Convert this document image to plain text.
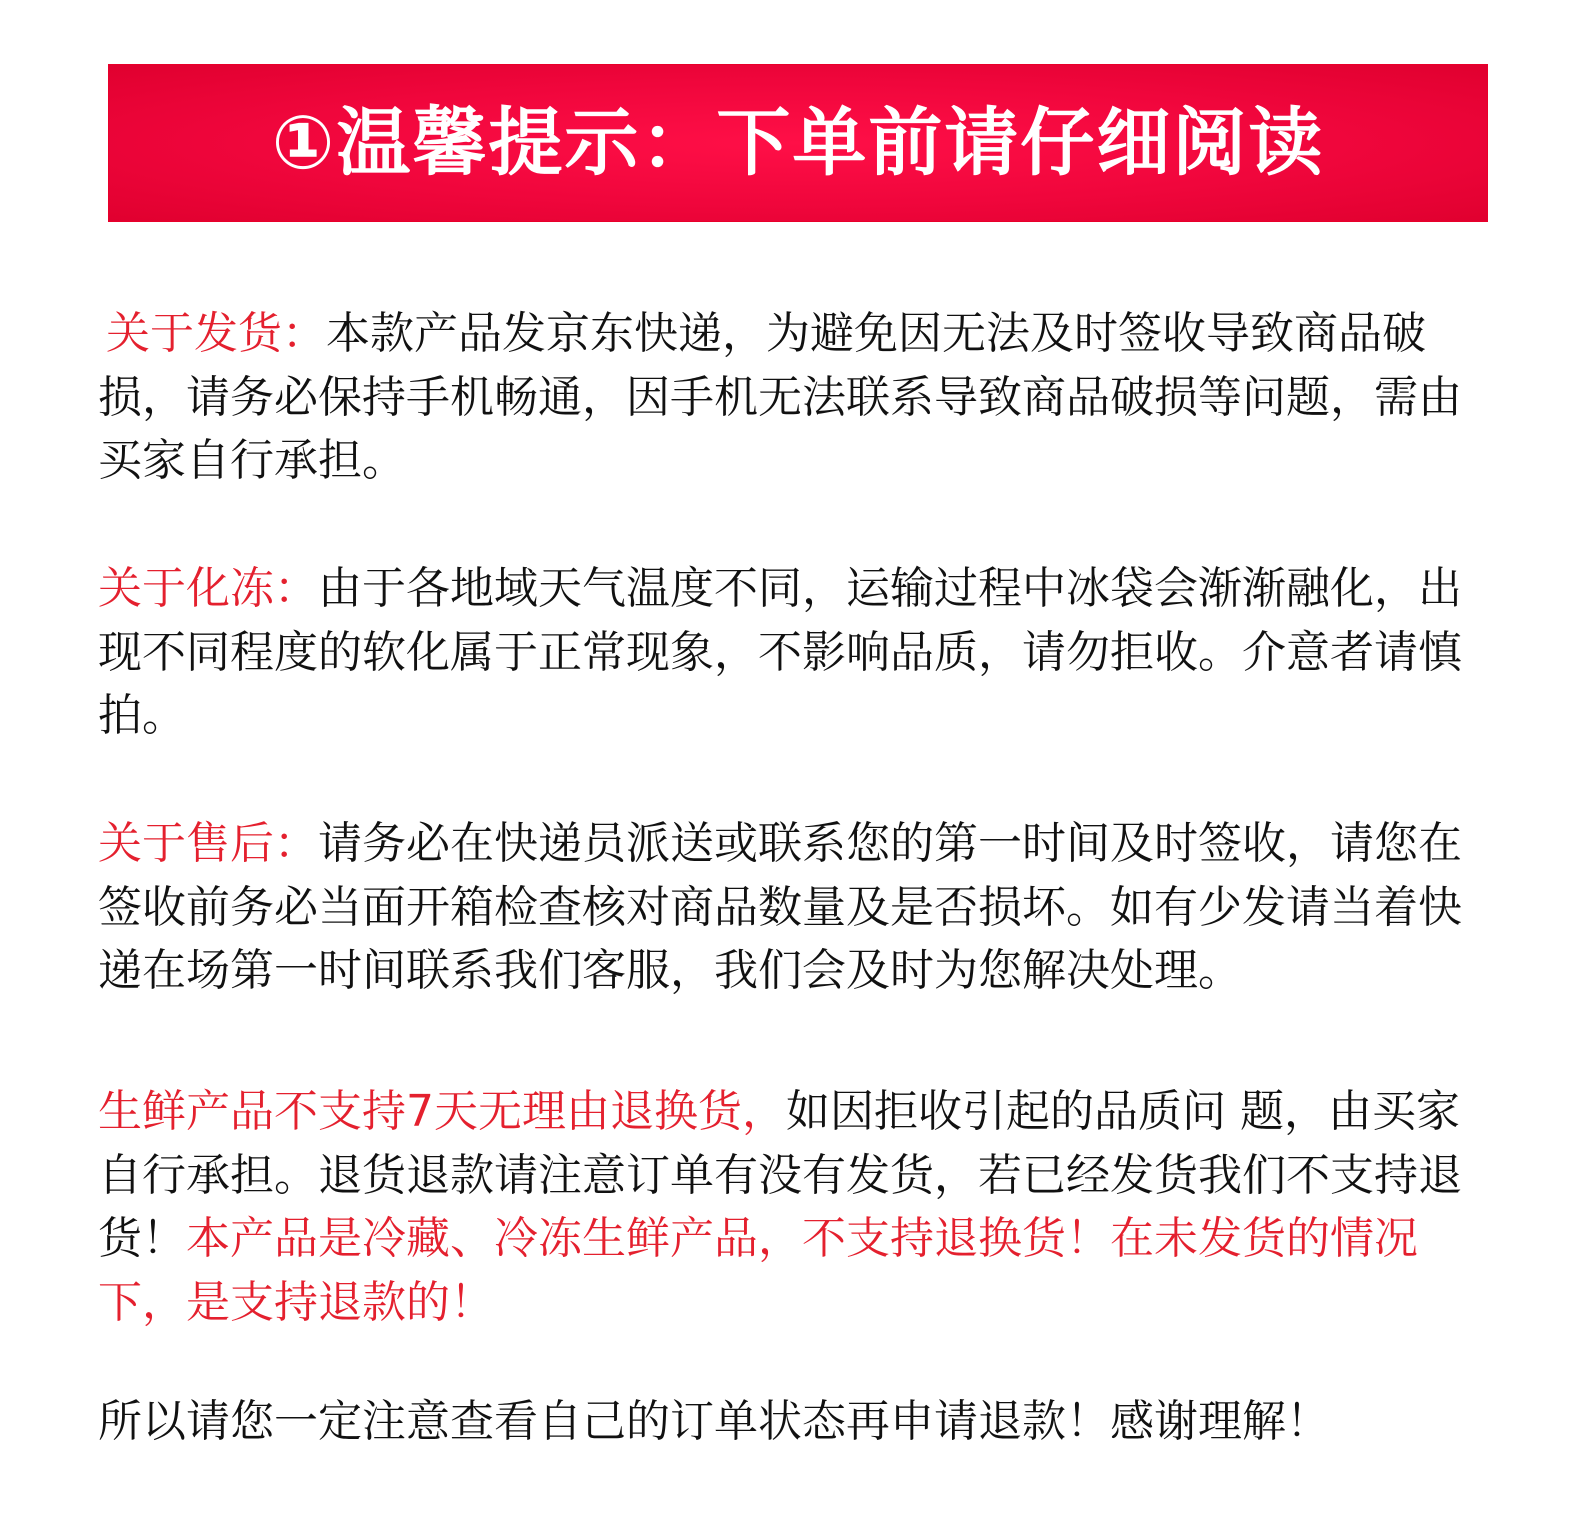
①温馨提示：下单前请仔细阅读

关于发货：本款产品发京东快递，为避免因无法及时签收导致商品破损，请务必保持手机畅通，因手机无法联系导致商品破损等问题，需由买家自行承担。

关于化冻：由于各地域天气温度不同，运输过程中冰袋会渐渐融化，出现不同程度的软化属于正常现象，不影响品质，请勿拒收。介意者请慎拍。

关于售后：请务必在快递员派送或联系您的第一时间及时签收，请您在签收前务必当面开箱检查核对商品数量及是否损坏。如有少发请当着快递在场第一时间联系我们客服，我们会及时为您解决处理。

生鲜产品不支持7天无理由退换货，如因拒收引起的品质问 题，由买家自行承担。退货退款请注意订单有没有发货，若已经发货我们不支持退货！本产品是冷藏、冷冻生鲜产品，不支持退换货！在未发货的情况下，是支持退款的！

所以请您一定注意查看自己的订单状态再申请退款！感谢理解！
